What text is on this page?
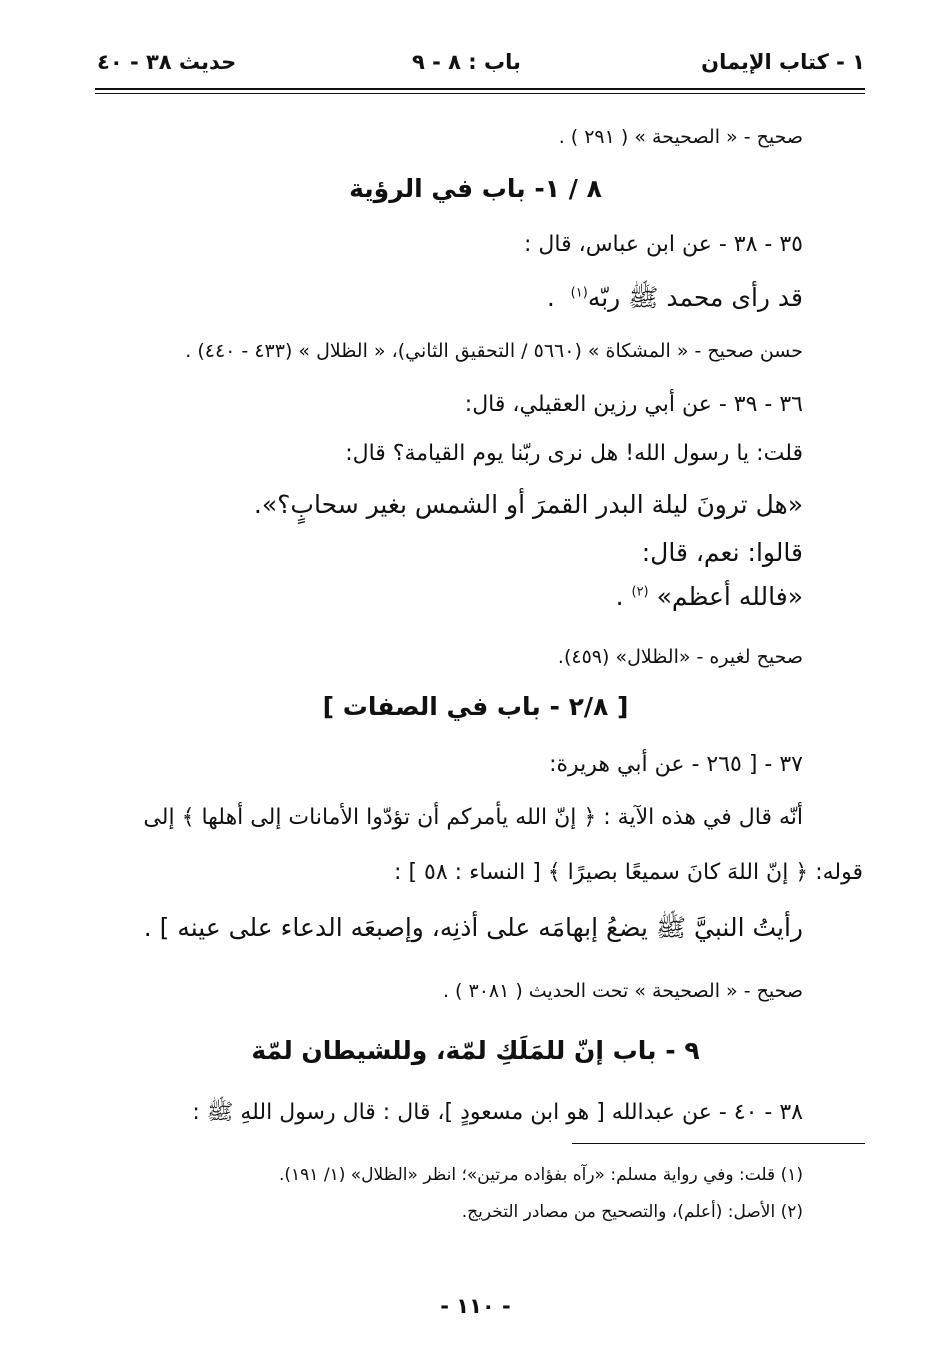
١ - كتاب الإيمان
باب : ٨ - ٩
حديث ٣٨ - ٤٠
صحيح - « الصحيحة » ( ٢٩١ ) .
٨ / ١- باب في الرؤية
٣٥ - ٣٨ - عن ابن عباس، قال :
قد رأى محمد ﷺ ربّه$^{(١)}$  .
حسن صحيح - « المشكاة » (٥٦٦٠ / التحقيق الثاني)، « الظلال » (٤٣٣ - ٤٤٠) .
٣٦ - ٣٩ - عن أبي رزين العقيلي، قال:
قلت: يا رسول الله! هل نرى ربّنا يوم القيامة؟ قال:
«هل ترونَ ليلة البدر القمرَ أو الشمس بغير سحابٍ؟».
قالوا: نعم، قال:
«فالله أعظم» $^{(٢)}$ .
صحيح لغيره - «الظلال» (٤٥٩).
[ ٢/٨ - باب في الصفات ]
٣٧ - [ ٢٦٥ - عن أبي هريرة:
أنّه قال في هذه الآية : ﴿ إنّ الله يأمركم أن تؤدّوا الأمانات إلى أهلها ﴾ إلى
قوله: ﴿ إنّ اللهَ كانَ سميعًا بصيرًا ﴾ [ النساء : ٥٨ ] :
رأيتُ النبيَّ ﷺ يضعُ إبهامَه على أذنِه، وإصبعَه الدعاء على عينه ] .
صحيح - « الصحيحة » تحت الحديث ( ٣٠٨١ ) .
٩ - باب إنّ للمَلَكِ لمّة، وللشيطان لمّة
٣٨ - ٤٠ - عن عبدالله [ هو ابن مسعودٍ ]، قال : قال رسول اللهِ ﷺ :
(١) قلت: وفي رواية مسلم: «رآه بفؤاده مرتين»؛ انظر «الظلال» (١/ ١٩١).
(٢) الأصل: (أعلم)، والتصحيح من مصادر التخريج.
- ١١٠ -
